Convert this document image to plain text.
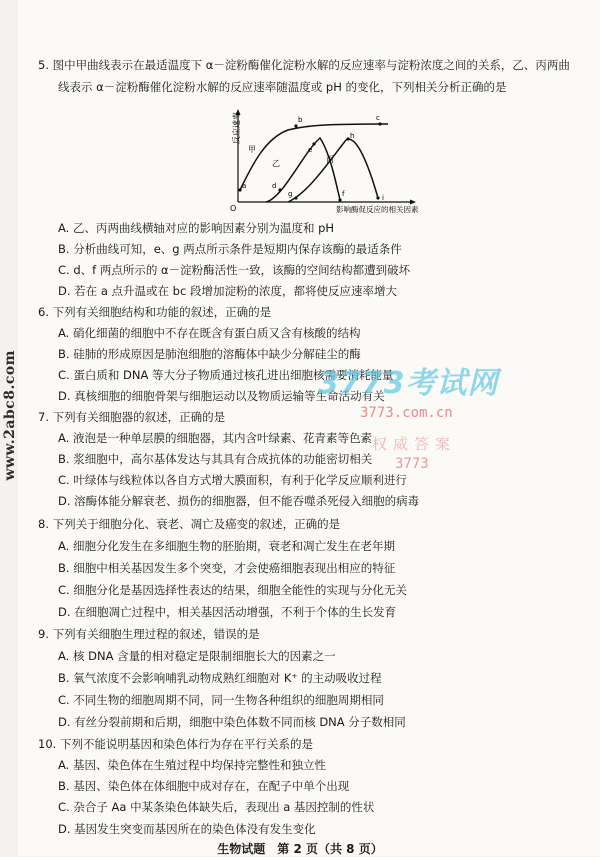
www.2abc8.com
5. 图中甲曲线表示在最适温度下 α－淀粉酶催化淀粉水解的反应速率与淀粉浓度之间的关系，乙、丙两曲
线表示 α－淀粉酶催化淀粉水解的反应速率随温度或 pH 的变化，下列相关分析正确的是
反应速率
影响酶促反应的相关因素
O
甲
乙	丙
a
b	c
d
e
f
g
h
i
A. 乙、丙两曲线横轴对应的影响因素分别为温度和 pH
B. 分析曲线可知，e、g 两点所示条件是短期内保存该酶的最适条件
C. d、f 两点所示的 α－淀粉酶活性一致，该酶的空间结构都遭到破坏
D. 若在 a 点升温或在 bc 段增加淀粉的浓度，都将使反应速率增大
6. 下列有关细胞结构和功能的叙述，正确的是
A. 硝化细菌的细胞中不存在既含有蛋白质又含有核酸的结构
B. 硅肺的形成原因是肺泡细胞的溶酶体中缺少分解硅尘的酶
C. 蛋白质和 DNA 等大分子物质通过核孔进出细胞核需要消耗能量
D. 真核细胞的细胞骨架与细胞运动以及物质运输等生命活动有关
7. 下列有关细胞器的叙述，正确的是
A. 液泡是一种单层膜的细胞器，其内含叶绿素、花青素等色素
B. 浆细胞中，高尔基体发达与其具有合成抗体的功能密切相关
C. 叶绿体与线粒体以各自方式增大膜面积，有利于化学反应顺利进行
D. 溶酶体能分解衰老、损伤的细胞器，但不能吞噬杀死侵入细胞的病毒
3773考试网
3773.com.cn
权威答案
3773
8. 下列关于细胞分化、衰老、凋亡及癌变的叙述，正确的是
A. 细胞分化发生在多细胞生物的胚胎期，衰老和凋亡发生在老年期
B. 细胞中相关基因发生多个突变，才会使癌细胞表现出相应的特征
C. 细胞分化是基因选择性表达的结果，细胞全能性的实现与分化无关
D. 在细胞凋亡过程中，相关基因活动增强，不利于个体的生长发育
9. 下列有关细胞生理过程的叙述，错误的是
A. 核 DNA 含量的相对稳定是限制细胞长大的因素之一
B. 氧气浓度不会影响哺乳动物成熟红细胞对 K⁺ 的主动吸收过程
C. 不同生物的细胞周期不同，同一生物各种组织的细胞周期相同
D. 有丝分裂前期和后期，细胞中染色体数不同而核 DNA 分子数相同
10. 下列不能说明基因和染色体行为存在平行关系的是
A. 基因、染色体在生殖过程中均保持完整性和独立性
B. 基因、染色体在体细胞中成对存在，在配子中单个出现
C. 杂合子 Aa 中某条染色体缺失后，表现出 a 基因控制的性状
D. 基因发生突变而基因所在的染色体没有发生变化
生物试题　第 2 页（共 8 页）
